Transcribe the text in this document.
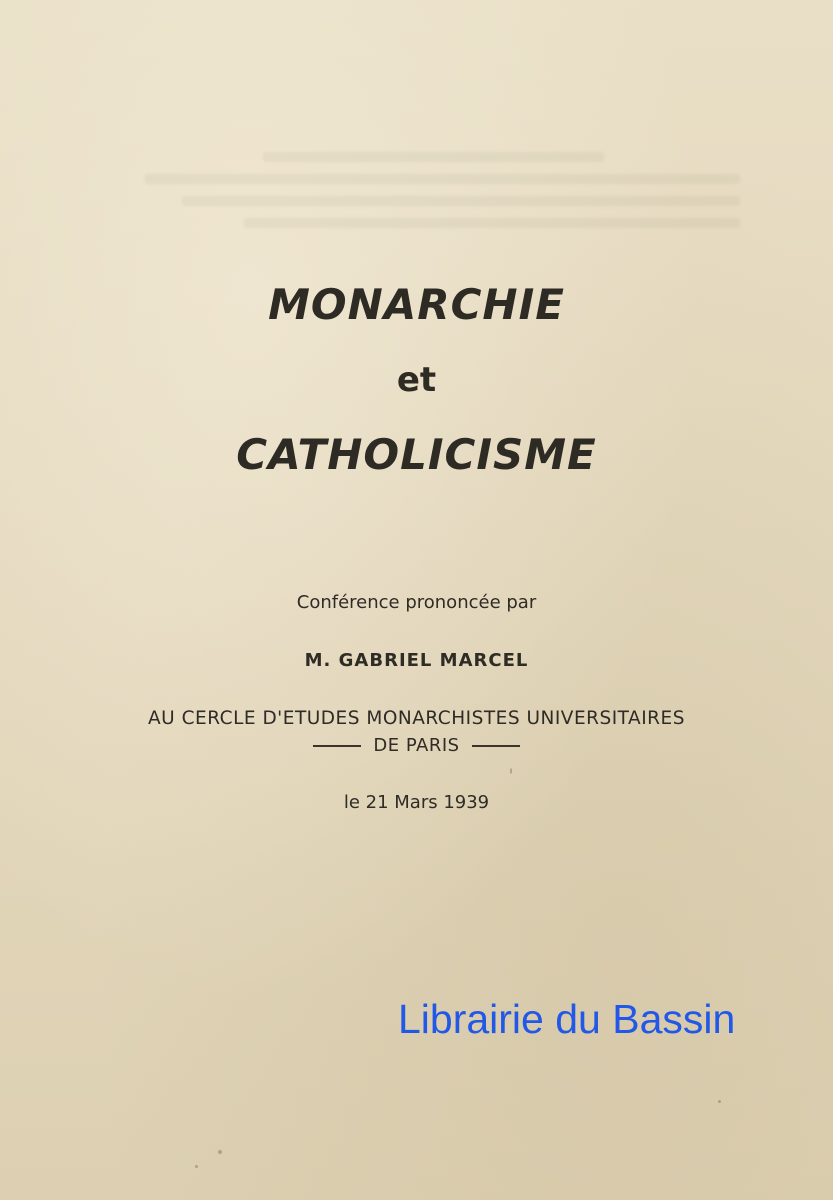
MONARCHIE
et
CATHOLICISME
Conférence prononcée par
M. GABRIEL MARCEL
AU CERCLE D'ETUDES MONARCHISTES UNIVERSITAIRES
DE PARIS
le 21 Mars 1939
Librairie du Bassin
